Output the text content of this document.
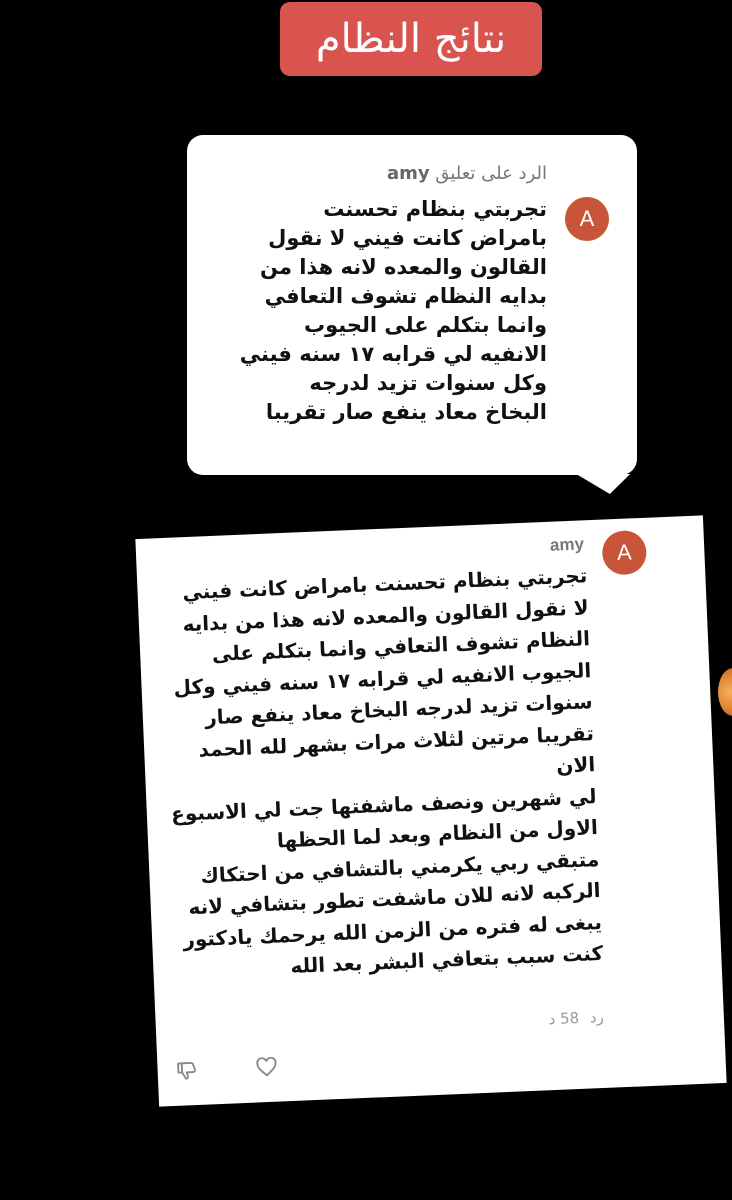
نتائج النظام
A
الرد على تعليق amy
تجربتي بنظام تحسنت
بامراض كانت فيني لا نقول
القالون والمعده لانه هذا من
بدايه النظام تشوف التعافي
وانما بتكلم على الجيوب
الانفيه لي قرابه ١٧ سنه فيني
وكل سنوات تزيد لدرجه
البخاخ معاد ينفع صار تقريبا
A
amy
تجربتي بنظام تحسنت بامراض كانت فيني
لا نقول القالون والمعده لانه هذا من بدايه
النظام تشوف التعافي وانما بتكلم على
الجيوب الانفيه لي قرابه ١٧ سنه فيني وكل
سنوات تزيد لدرجه البخاخ معاد ينفع صار
تقريبا مرتين لثلاث مرات بشهر لله الحمد الان
لي شهرين ونصف ماشفتها جت لي الاسبوع
الاول من النظام وبعد لما الحظها
متبقي ربي يكرمني بالتشافي من احتكاك
الركبه لانه للان ماشفت تطور بتشافي لانه
يبغى له فتره من الزمن الله يرحمك يادكتور
كنت سبب بتعافي البشر بعد الله
رد 58 د
